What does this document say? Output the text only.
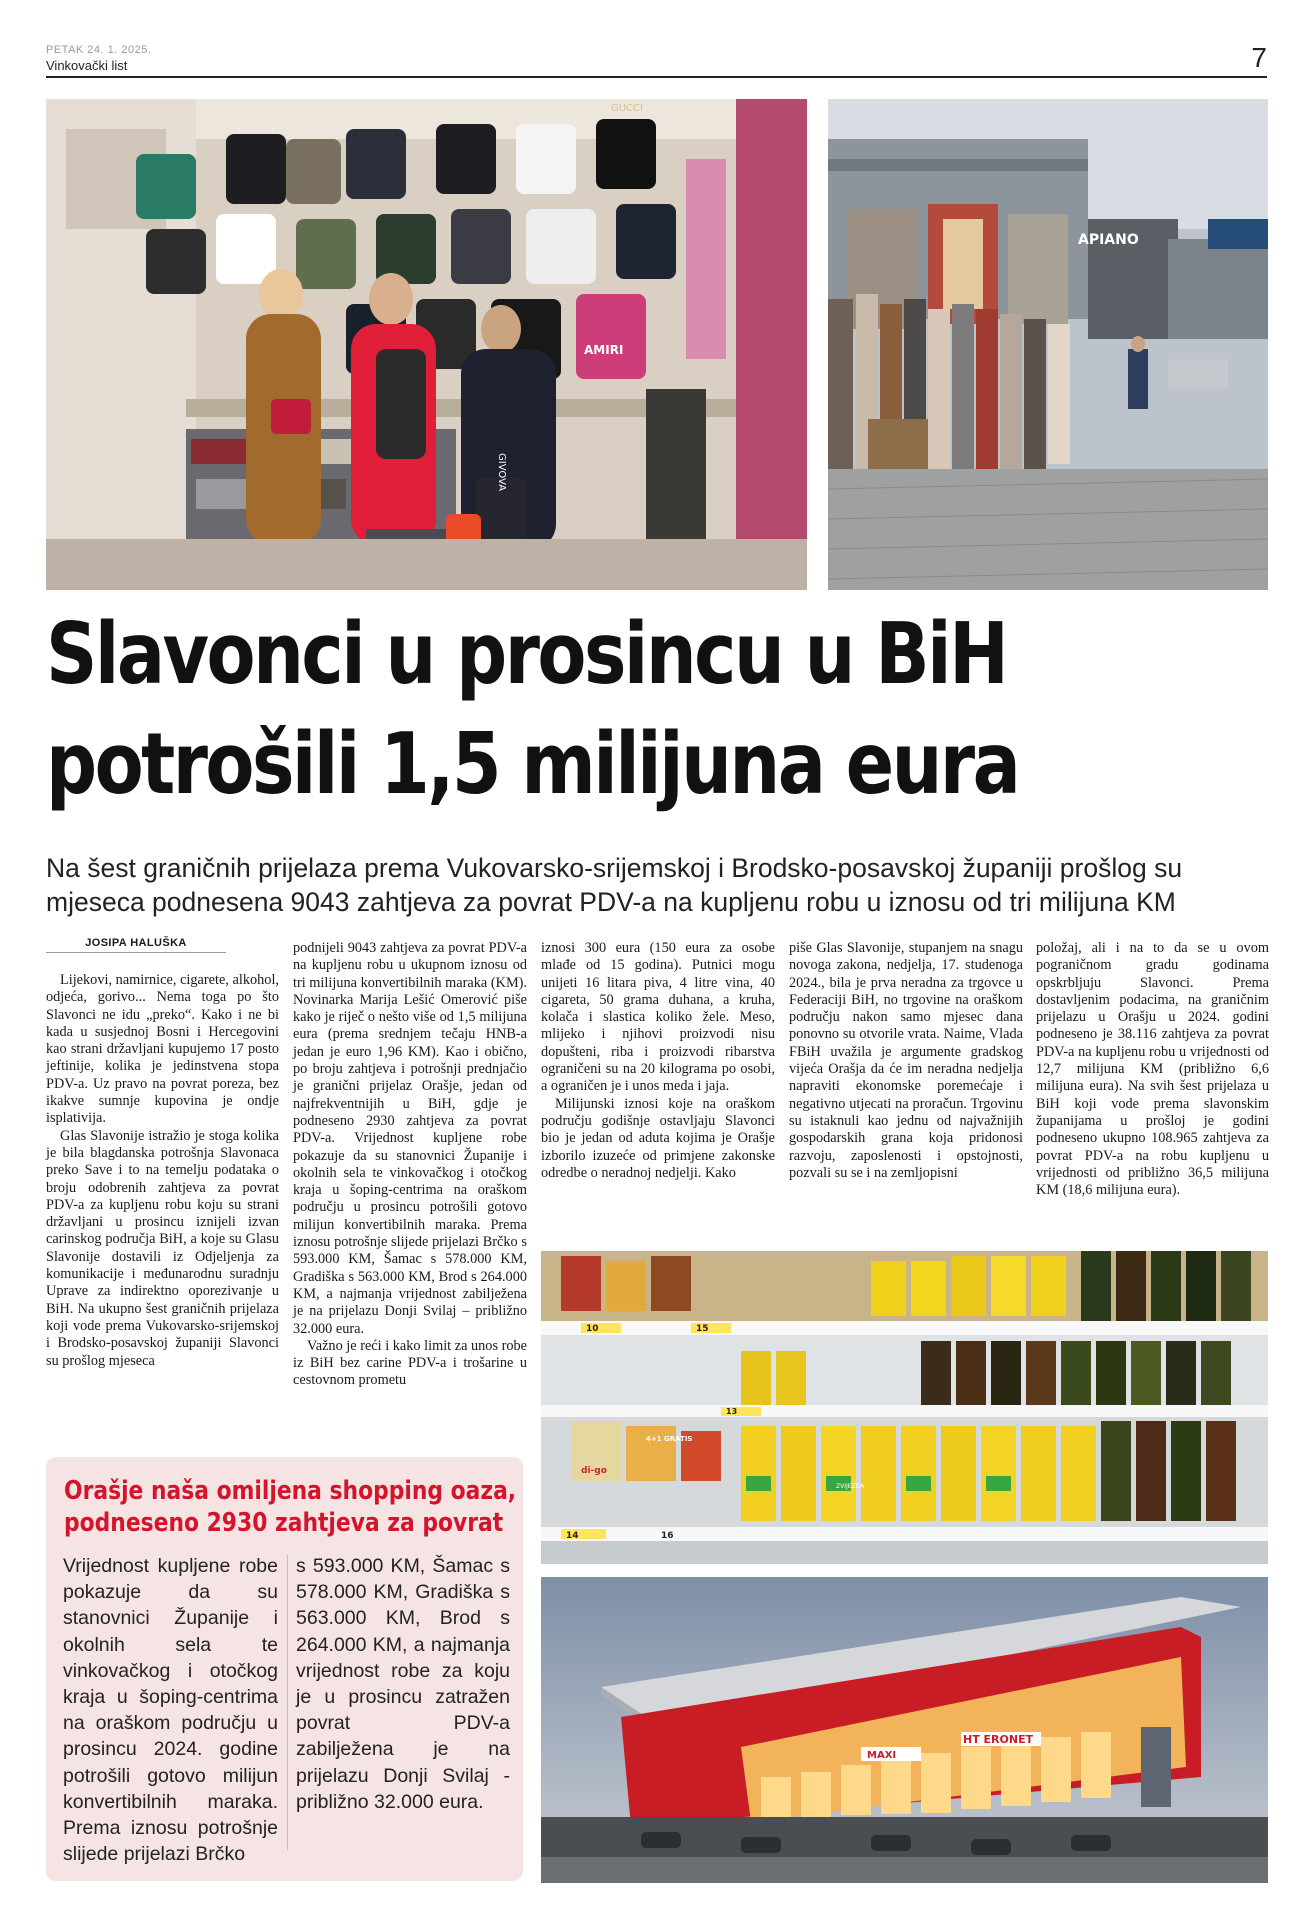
PETAK 24. 1. 2025.
Vinkovački list	7
GUCCI
AMIRI
GIVOVA
APIANO
Slavonci u prosincu u BiH
potrošili 1,5 milijuna eura
Na šest graničnih prijelaza prema Vukovarsko-srijemskoj i Brodsko-posavskoj županiji prošlog su mjeseca podnesena 9043 zahtjeva za povrat PDV-a na kupljenu robu u iznosu od tri milijuna KM
JOSIPA HALUŠKA

Lijekovi, namirnice, cigarete, alkohol, odjeća, gorivo... Nema toga po što Slavonci ne idu „preko“. Kako i ne bi kada u susjednoj Bosni i Hercegovini kao strani državljani kupujemo 17 posto jeftinije, kolika je jedinstvena stopa PDV-a. Uz pravo na povrat poreza, bez ikakve sumnje kupovina je ondje isplativija.

Glas Slavonije istražio je stoga kolika je bila blagdanska potrošnja Slavonaca preko Save i to na temelju podataka o broju odobrenih zahtjeva za povrat PDV-a za kupljenu robu koju su strani državljani u prosincu iznijeli izvan carinskog područja BiH, a koje su Glasu Slavonije dostavili iz Odjeljenja za komunikacije i međunarodnu suradnju Uprave za indirektno oporezivanje u BiH. Na ukupno šest graničnih prijelaza koji vode prema Vukovarsko-srijemskoj i Brodsko-posavskoj županiji Slavonci su prošlog mjeseca

podnijeli 9043 zahtjeva za povrat PDV-a na kupljenu robu u ukupnom iznosu od tri milijuna konvertibilnih maraka (KM). Novinarka Marija Lešić Omerović piše kako je riječ o nešto više od 1,5 milijuna eura (prema srednjem tečaju HNB-a jedan je euro 1,96 KM). Kao i obično, po broju zahtjeva i potrošnji prednjačio je granični prijelaz Orašje, jedan od najfrekventnijih u BiH, gdje je podneseno 2930 zahtjeva za povrat PDV-a. Vrijednost kupljene robe pokazuje da su stanovnici Županije i okolnih sela te vinkovačkog i otočkog kraja u šoping-centrima na oraškom području u prosincu potrošili gotovo milijun konvertibilnih maraka. Prema iznosu potrošnje slijede prijelazi Brčko s 593.000 KM, Šamac s 578.000 KM, Gradiška s 563.000 KM, Brod s 264.000 KM, a najmanja vrijednost zabilježena je na prijelazu Donji Svilaj – približno 32.000 eura.

Važno je reći i kako limit za unos robe iz BiH bez carine PDV-a i trošarine u cestovnom prometu

iznosi 300 eura (150 eura za osobe mlađe od 15 godina). Putnici mogu unijeti 16 litara piva, 4 litre vina, 40 cigareta, 50 grama duhana, a kruha, kolača i slastica koliko žele. Meso, mlijeko i njihovi proizvodi nisu dopušteni, riba i proizvodi ribarstva ograničeni su na 20 kilograma po osobi, a ograničen je i unos meda i jaja.

Milijunski iznosi koje na oraškom području godišnje ostavljaju Slavonci bio je jedan od aduta kojima je Orašje izborilo izuzeće od primjene zakonske odredbe o neradnoj nedjelji. Kako

piše Glas Slavonije, stupanjem na snagu novoga zakona, nedjelja, 17. studenoga 2024., bila je prva neradna za trgovce u Federaciji BiH, no trgovine na oraškom području nakon samo mjesec dana ponovno su otvorile vrata. Naime, Vlada FBiH uvažila je argumente gradskog vijeća Orašja da će im neradna nedjelja napraviti ekonomske poremećaje i negativno utjecati na proračun. Trgovinu su istaknuli kao jednu od najvažnijih gospodarskih grana koja pridonosi razvoju, zaposlenosti i opstojnosti, pozvali su se i na zemljopisni

položaj, ali i na to da se u ovom pograničnom gradu godinama opskrbljuju Slavonci. Prema dostavljenim podacima, na graničnim prijelazu u Orašju u 2024. godini podneseno je 38.116 zahtjeva za povrat PDV-a na kupljenu robu u vrijednosti od 12,7 milijuna KM (približno 6,6 milijuna eura). Na svih šest prijelaza u BiH koji vode prema slavonskim županijama u prošloj je godini podneseno ukupno 108.965 zahtjeva za povrat PDV-a na robu kupljenu u vrijednosti od približno 36,5 milijuna KM (18,6 milijuna eura).

10	15
13
4+1 GRATIS
di-go
ZVIJEZDA
16
14
HT ERONET
MAXI
Orašje naša omiljena shopping oaza,
podneseno 2930 zahtjeva za povrat

Vrijednost kupljene robe pokazuje da su stanovnici Županije i okolnih sela te vinkovačkog i otočkog kraja u šoping-centrima na oraškom području u prosincu 2024. godine potrošili gotovo milijun konvertibilnih maraka. Prema iznosu potrošnje slijede prijelazi Brčko

s 593.000 KM, Šamac s 578.000 KM, Gradiška s 563.000 KM, Brod s 264.000 KM, a najmanja vrijednost robe za koju je u prosincu zatražen povrat PDV-a zabilježena je na prijelazu Donji Svilaj - približno 32.000 eura.
